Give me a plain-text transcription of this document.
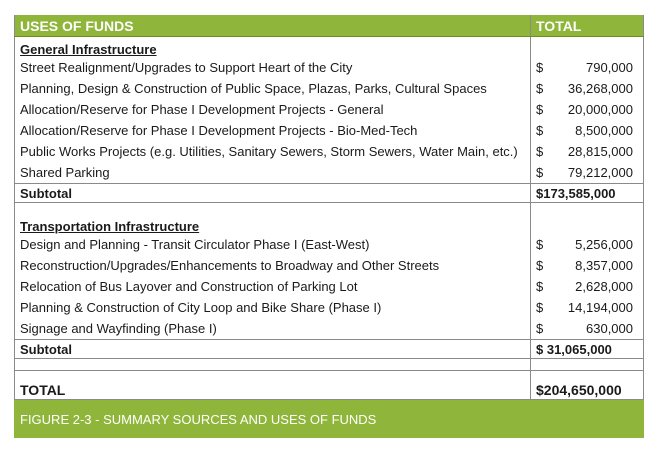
USES OF FUNDS	TOTAL
General Infrastructure	
Street Realignment/Upgrades to Support Heart of the City	$ 790,000

Planning, Design & Construction of Public Space, Plazas, Parks, Cultural Spaces	$ 36,268,000

Allocation/Reserve for Phase I Development Projects - General	$ 20,000,000

Allocation/Reserve for Phase I Development Projects - Bio-Med-Tech	$ 8,500,000

Public Works Projects (e.g. Utilities, Sanitary Sewers, Storm Sewers, Water Main, etc.)	$ 28,815,000

Shared Parking	$ 79,212,000

Subtotal	$173,585,000

Transportation Infrastructure	
Design and Planning - Transit Circulator Phase I (East-West)	$ 5,256,000

Reconstruction/Upgrades/Enhancements to Broadway and Other Streets	$ 8,357,000

Relocation of Bus Layover and Construction of Parking Lot	$ 2,628,000

Planning & Construction of City Loop and Bike Share (Phase I)	$ 14,194,000

Signage and Wayfinding (Phase I)	$ 630,000

Subtotal	$ 31,065,000

TOTAL	$204,650,000
FIGURE 2-3 - SUMMARY SOURCES AND USES OF FUNDS	
